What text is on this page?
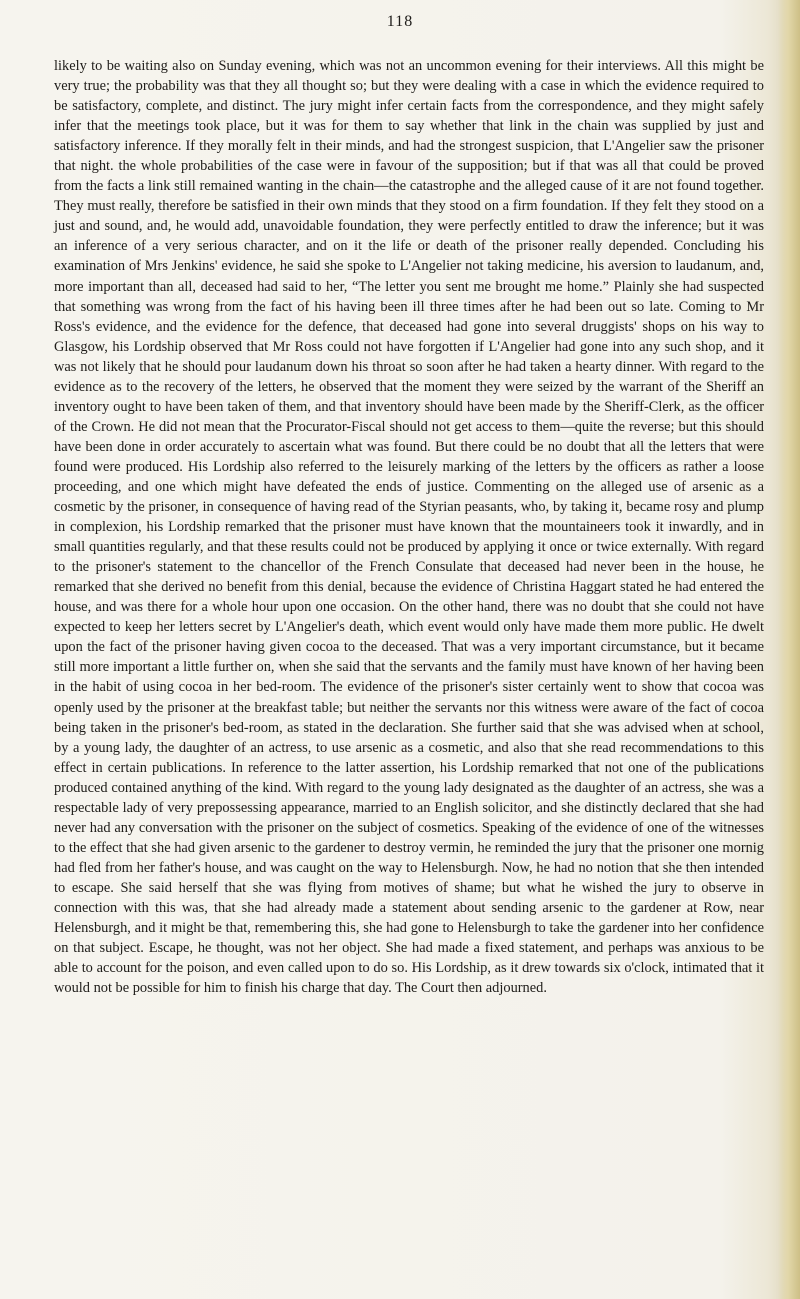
118
likely to be waiting also on Sunday evening, which was not an uncommon evening for their interviews. All this might be very true; the probability was that they all thought so; but they were dealing with a case in which the evidence required to be satisfactory, complete, and distinct. The jury might infer certain facts from the correspondence, and they might safely infer that the meetings took place, but it was for them to say whether that link in the chain was supplied by just and satisfactory inference. If they morally felt in their minds, and had the strongest suspicion, that L'Angelier saw the prisoner that night. the whole probabilities of the case were in favour of the supposition; but if that was all that could be proved from the facts a link still remained wanting in the chain—the catastrophe and the alleged cause of it are not found together. They must really, therefore be satisfied in their own minds that they stood on a firm foundation. If they felt they stood on a just and sound, and, he would add, unavoidable foundation, they were perfectly entitled to draw the inference; but it was an inference of a very serious character, and on it the life or death of the prisoner really depended. Concluding his examination of Mrs Jenkins' evidence, he said she spoke to L'Angelier not taking medicine, his aversion to laudanum, and, more important than all, deceased had said to her, “The letter you sent me brought me home.” Plainly she had suspected that something was wrong from the fact of his having been ill three times after he had been out so late. Coming to Mr Ross's evidence, and the evidence for the defence, that deceased had gone into several druggists' shops on his way to Glasgow, his Lordship observed that Mr Ross could not have forgotten if L'Angelier had gone into any such shop, and it was not likely that he should pour laudanum down his throat so soon after he had taken a hearty dinner. With regard to the evidence as to the recovery of the letters, he observed that the moment they were seized by the warrant of the Sheriff an inventory ought to have been taken of them, and that inventory should have been made by the Sheriff-Clerk, as the officer of the Crown. He did not mean that the Procurator-Fiscal should not get access to them—quite the reverse; but this should have been done in order accurately to ascertain what was found. But there could be no doubt that all the letters that were found were produced. His Lordship also referred to the leisurely marking of the letters by the officers as rather a loose proceeding, and one which might have defeated the ends of justice. Commenting on the alleged use of arsenic as a cosmetic by the prisoner, in consequence of having read of the Styrian peasants, who, by taking it, became rosy and plump in complexion, his Lordship remarked that the prisoner must have known that the mountaineers took it inwardly, and in small quantities regularly, and that these results could not be produced by applying it once or twice externally. With regard to the prisoner's statement to the chancellor of the French Consulate that deceased had never been in the house, he remarked that she derived no benefit from this denial, because the evidence of Christina Haggart stated he had entered the house, and was there for a whole hour upon one occasion. On the other hand, there was no doubt that she could not have expected to keep her letters secret by L'Angelier's death, which event would only have made them more public. He dwelt upon the fact of the prisoner having given cocoa to the deceased. That was a very important circumstance, but it became still more important a little further on, when she said that the servants and the family must have known of her having been in the habit of using cocoa in her bed-room. The evidence of the prisoner's sister certainly went to show that cocoa was openly used by the prisoner at the breakfast table; but neither the servants nor this witness were aware of the fact of cocoa being taken in the prisoner's bed-room, as stated in the declaration. She further said that she was advised when at school, by a young lady, the daughter of an actress, to use arsenic as a cosmetic, and also that she read recommendations to this effect in certain publications. In reference to the latter assertion, his Lordship remarked that not one of the publications produced contained anything of the kind. With regard to the young lady designated as the daughter of an actress, she was a respectable lady of very prepossessing appearance, married to an English solicitor, and she distinctly declared that she had never had any conversation with the prisoner on the subject of cosmetics. Speaking of the evidence of one of the witnesses to the effect that she had given arsenic to the gardener to destroy vermin, he reminded the jury that the prisoner one mornig had fled from her father's house, and was caught on the way to Helensburgh. Now, he had no notion that she then intended to escape. She said herself that she was flying from motives of shame; but what he wished the jury to observe in connection with this was, that she had already made a statement about sending arsenic to the gardener at Row, near Helensburgh, and it might be that, remembering this, she had gone to Helensburgh to take the gardener into her confidence on that subject. Escape, he thought, was not her object. She had made a fixed statement, and perhaps was anxious to be able to account for the poison, and even called upon to do so. His Lordship, as it drew towards six o'clock, intimated that it would not be possible for him to finish his charge that day. The Court then adjourned.
